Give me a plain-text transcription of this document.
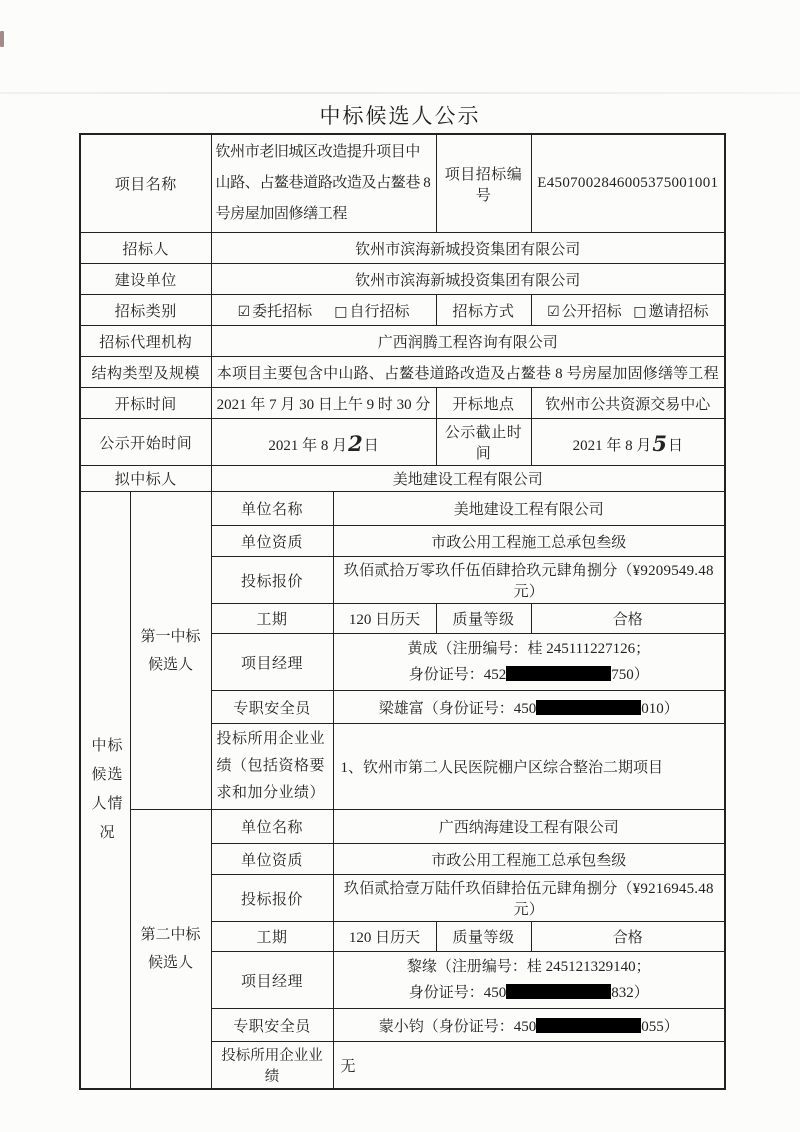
中标候选人公示
项目名称		钦州市老旧城区改造提升项目中山路、占鳌巷道路改造及占鳌巷 8 号房屋加固修缮工程		项目招标编号	E4507002846005375001001
招标人		钦州市滨海新城投资集团有限公司			
建设单位		钦州市滨海新城投资集团有限公司			
招标类别		☑ 委托招标 □ 自行招标		招标方式	☑ 公开招标 □ 邀请招标

招标代理机构		广西润腾工程咨询有限公司			
结构类型及规模		本项目主要包含中山路、占鳌巷道路改造及占鳌巷 8 号房屋加固修缮等工程			
开标时间		2021 年 7 月 30 日上午 9 时 30 分		开标地点	钦州市公共资源交易中心
公示开始时间		2021 年 8 月2日		公示截止时间	2021 年 8 月5日
拟中标人		美地建设工程有限公司			

中标候选人情况	第一中标候选人	单位名称	美地建设工程有限公司		
		单位资质	市政公用工程施工总承包叁级		
		投标报价	玖佰贰拾万零玖仟伍佰肆拾玖元肆角捌分（¥9209549.48 元）		
		工期	120 日历天	质量等级	合格
		项目经理	黄成（注册编号：桂 245111227126；
身份证号：452 750）		

		专职安全员	梁雄富（身份证号：450 010）		

		投标所用企业业绩（包括资格要求和加分业绩）	1、钦州市第二人民医院棚户区综合整治二期项目		

	第二中标候选人	单位名称	广西纳海建设工程有限公司		
		单位资质	市政公用工程施工总承包叁级		
		投标报价	玖佰贰拾壹万陆仟玖佰肆拾伍元肆角捌分（¥9216945.48 元）		
		工期	120 日历天	质量等级	合格
		项目经理	黎缘（注册编号：桂 245121329140；
身份证号：450 832）		

		专职安全员	蒙小钧（身份证号：450 055）		

		投标所用企业业绩	无		
